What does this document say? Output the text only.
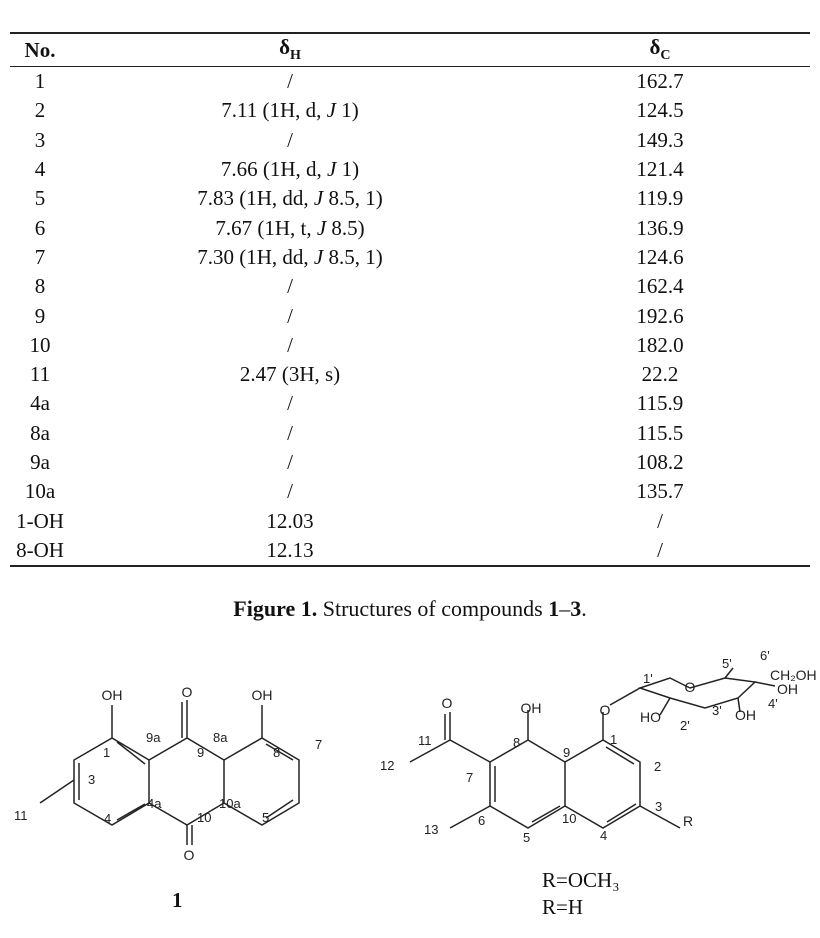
No.	$\delta_H$	$\delta_C$
1	/	162.7
2	7.11 (1H, d, J 1)	124.5
3	/	149.3
4	7.66 (1H, d, J 1)	121.4
5	7.83 (1H, dd, J 8.5, 1)	119.9
6	7.67 (1H, t, J 8.5)	136.9
7	7.30 (1H, dd, J 8.5, 1)	124.6
8	/	162.4
9	/	192.6
10	/	182.0
11	2.47 (3H, s)	22.2
4a	/	115.9
8a	/	115.5
9a	/	108.2
10a	/	135.7
1-OH	12.03	/
8-OH	12.13	/
Figure 1. Structures of compounds 1–3.
OH	OH
O
O
1
9a
9
8a
8
7
3
11	4
4a
10
10a
5
O
O
CH₂OH
OH
OH
HO
1'
5'
6'
4'
3'
2'
OH
O
11
12
8
9
1
7
2
3
R
6	10
13
5	4
1
R=OCH₃
R=H
